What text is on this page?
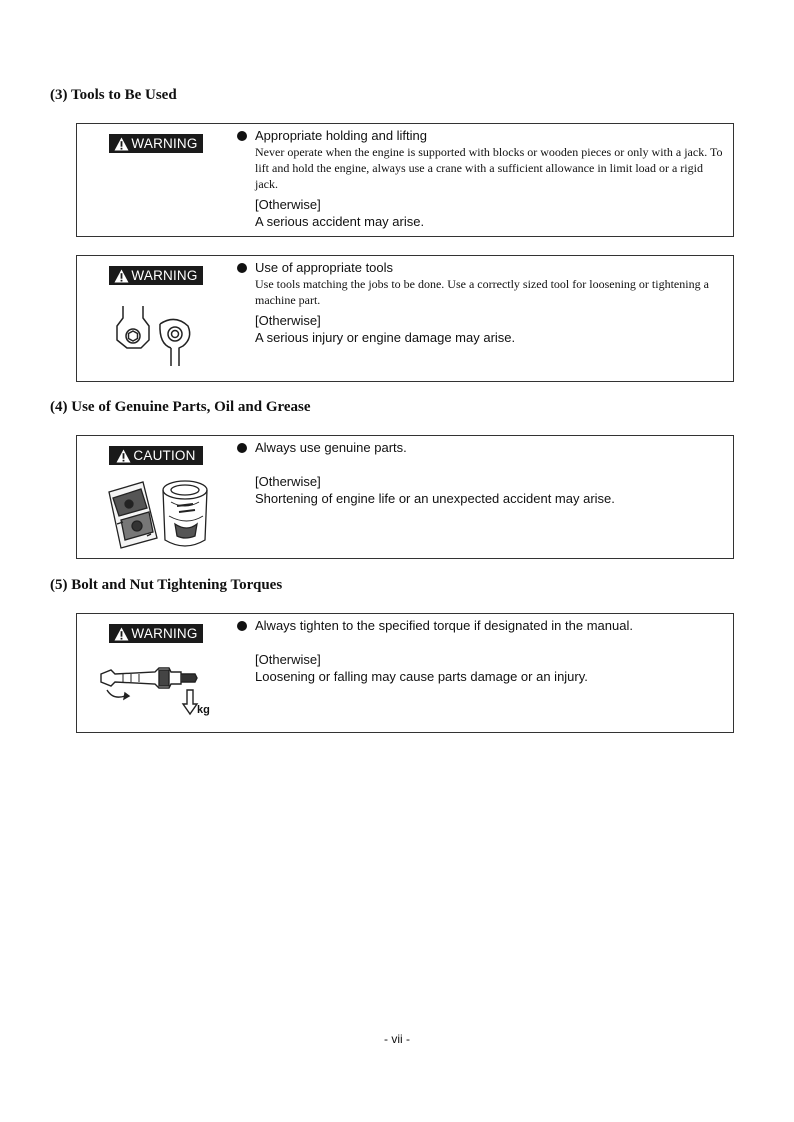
(3) Tools to Be Used
WARNING
Appropriate holding and lifting
Never operate when the engine is supported with blocks or wooden pieces or only with a jack. To lift and hold the engine, always use a crane with a sufficient allowance in limit load or a rigid jack.
[Otherwise]
A serious accident may arise.
WARNING
Use of appropriate tools
Use tools matching the jobs to be done. Use a correctly sized tool for loosening or tightening a machine part.
[Otherwise]
A serious injury or engine damage may arise.
(4) Use of Genuine Parts, Oil and Grease
CAUTION
Always use genuine parts.
[Otherwise]
Shortening of engine life or an unexpected accident may arise.
(5) Bolt and Nut Tightening Torques
WARNING
kg
Always tighten to the specified torque if designated in the manual.
[Otherwise]
Loosening or falling may cause parts damage or an injury.
- vii -
